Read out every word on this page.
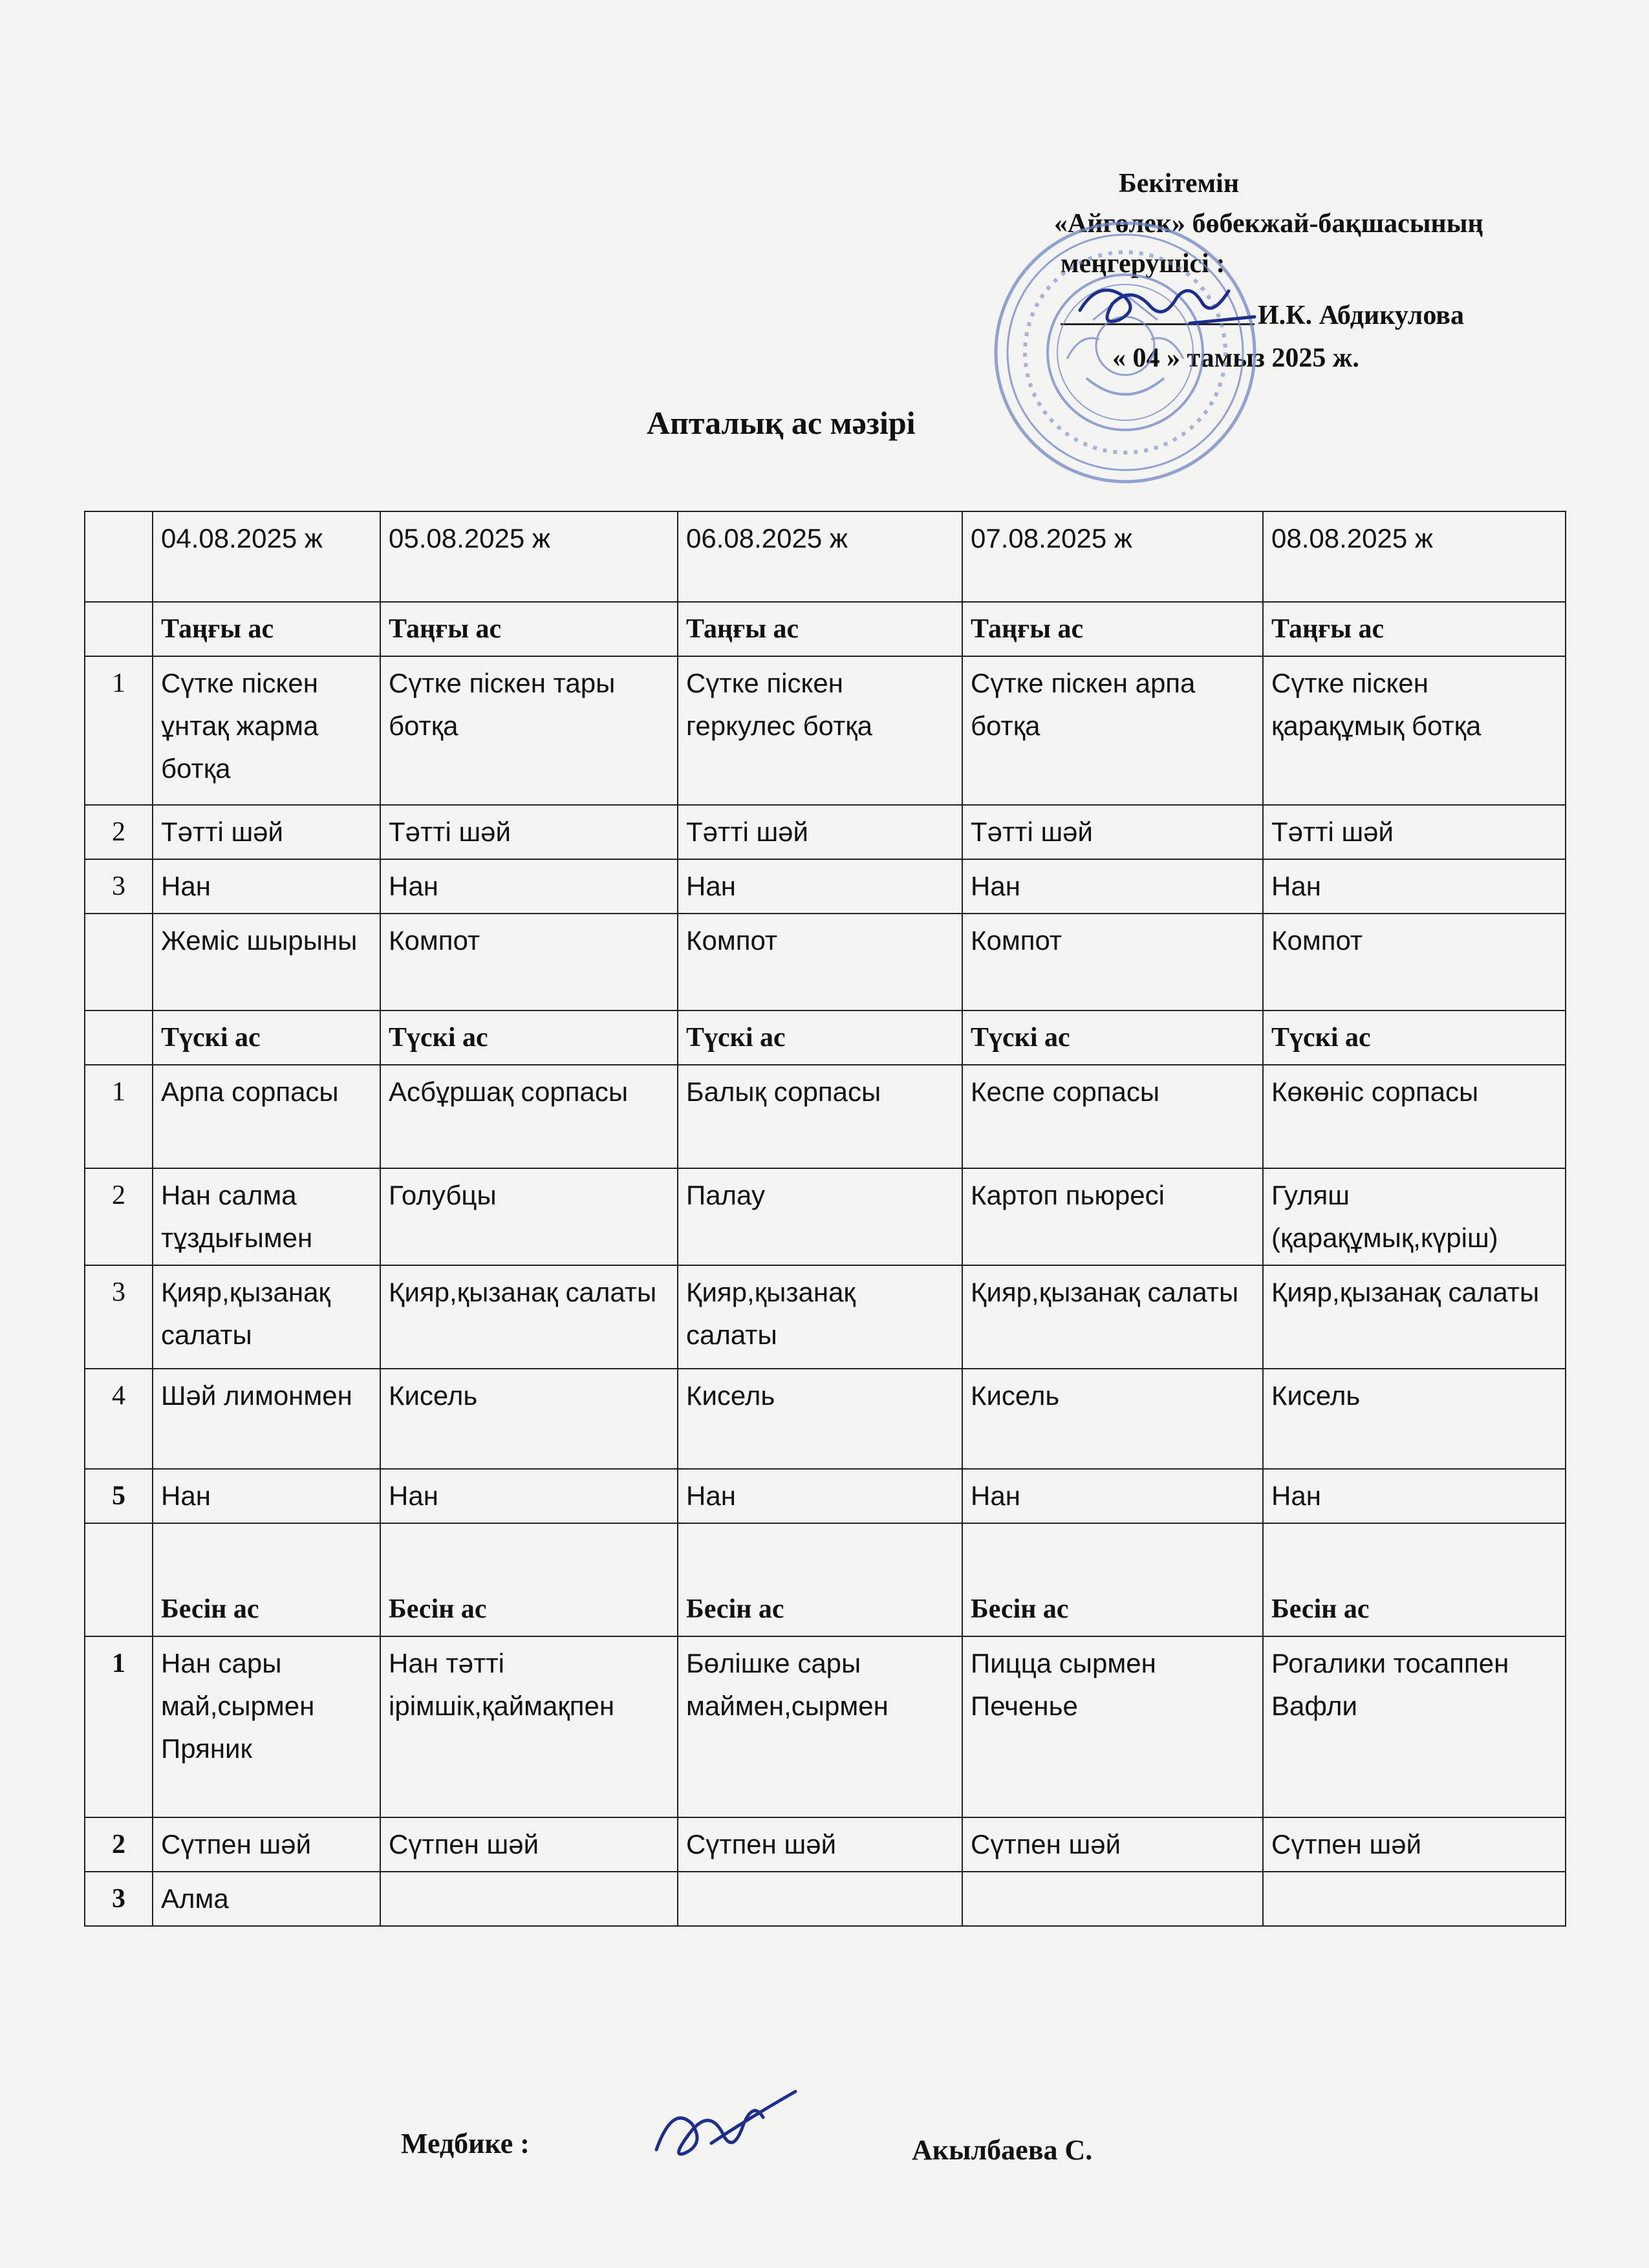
Бекітемін
«Айгөлек» бөбекжай-бақшасының
меңгерушісі :
И.К. Абдикулова
« 04 » тамыз 2025 ж.
Апталық ас мәзірі
	04.08.2025 ж	05.08.2025 ж	06.08.2025 ж	07.08.2025 ж	08.08.2025 ж
	Таңғы ас	Таңғы ас	Таңғы ас	Таңғы ас	Таңғы ас
1	Сүтке піскен ұнтақ жарма ботқа	Сүтке піскен тары ботқа	Сүтке піскен геркулес ботқа	Сүтке піскен арпа ботқа	Сүтке піскен қарақұмық ботқа
2	Тәтті шәй	Тәтті шәй	Тәтті шәй	Тәтті шәй	Тәтті шәй
3	Нан	Нан	Нан	Нан	Нан
	Жеміс шырыны	Компот	Компот	Компот	Компот
	Түскі ас	Түскі ас	Түскі ас	Түскі ас	Түскі ас
1	Арпа сорпасы	Асбұршақ сорпасы	Балық сорпасы	Кеспе сорпасы	Көкөніс сорпасы
2	Нан салма тұздығымен	Голубцы	Палау	Картоп пьюресі	Гуляш (қарақұмық,күріш)
3	Қияр,қызанақ салаты	Қияр,қызанақ салаты	Қияр,қызанақ салаты	Қияр,қызанақ салаты	Қияр,қызанақ салаты
4	Шәй лимонмен	Кисель	Кисель	Кисель	Кисель
5	Нан	Нан	Нан	Нан	Нан
	Бесін ас	Бесін ас	Бесін ас	Бесін ас	Бесін ас
1	Нан сары май,сырмен Пряник	Нан тәтті ірімшік,қаймақпен	Бөлішке сары маймен,сырмен	Пицца сырмен Печенье	Рогалики тосаппен Вафли
2	Сүтпен шәй	Сүтпен шәй	Сүтпен шәй	Сүтпен шәй	Сүтпен шәй
3	Алма				
Медбике :	Акылбаева С.
